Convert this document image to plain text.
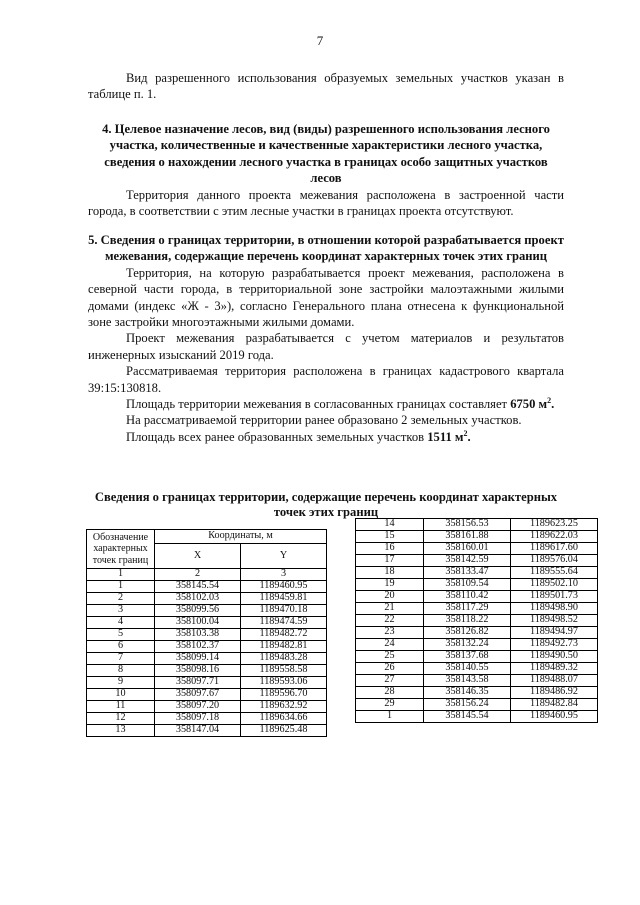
7

Вид разрешенного использования образуемых земельных участков указан в таблице п. 1.

4. Целевое назначение лесов, вид (виды) разрешенного использования лесного участка, количественные и качественные характеристики лесного участка, сведения о нахождении лесного участка в границах особо защитных участков лесов

Территория данного проекта межевания расположена в застроенной части города, в соответствии с этим лесные участки в границах проекта отсутствуют.

5. Сведения о границах территории, в отношении которой разрабатывается проект межевания, содержащие перечень координат характерных точек этих границ

Территория, на которую разрабатывается проект межевания, расположена в северной части города, в территориальной зоне застройки малоэтажными жилыми домами (индекс «Ж - 3»), согласно Генерального плана отнесена к функциональной зоне застройки многоэтажными жилыми домами.

Проект межевания разрабатывается с учетом материалов и результатов инженерных изысканий 2019 года.

Рассматриваемая территория расположена в границах кадастрового квартала 39:15:130818.

Площадь территории межевания в согласованных границах составляет 6750 $м^2$.

На рассматриваемой территории ранее образовано 2 земельных участков.

Площадь всех ранее образованных земельных участков 1511 $м^2$.

Сведения о границах территории, содержащие перечень координат характерных точек этих границ
Обозначение характерных точек границ	Координаты, м	
	X	Y
1	2	3
1	358145.54	1189460.95
2	358102.03	1189459.81
3	358099.56	1189470.18
4	358100.04	1189474.59
5	358103.38	1189482.72
6	358102.37	1189482.81
7	358099.14	1189483.28
8	358098.16	1189558.58
9	358097.71	1189593.06
10	358097.67	1189596.70
11	358097.20	1189632.92
12	358097.18	1189634.66
13	358147.04	1189625.48
14	358156.53	1189623.25
15	358161.88	1189622.03
16	358160.01	1189617.60
17	358142.59	1189576.04
18	358133.47	1189555.64
19	358109.54	1189502.10
20	358110.42	1189501.73
21	358117.29	1189498.90
22	358118.22	1189498.52
23	358126.82	1189494.97
24	358132.24	1189492.73
25	358137.68	1189490.50
26	358140.55	1189489.32
27	358143.58	1189488.07
28	358146.35	1189486.92
29	358156.24	1189482.84
1	358145.54	1189460.95
